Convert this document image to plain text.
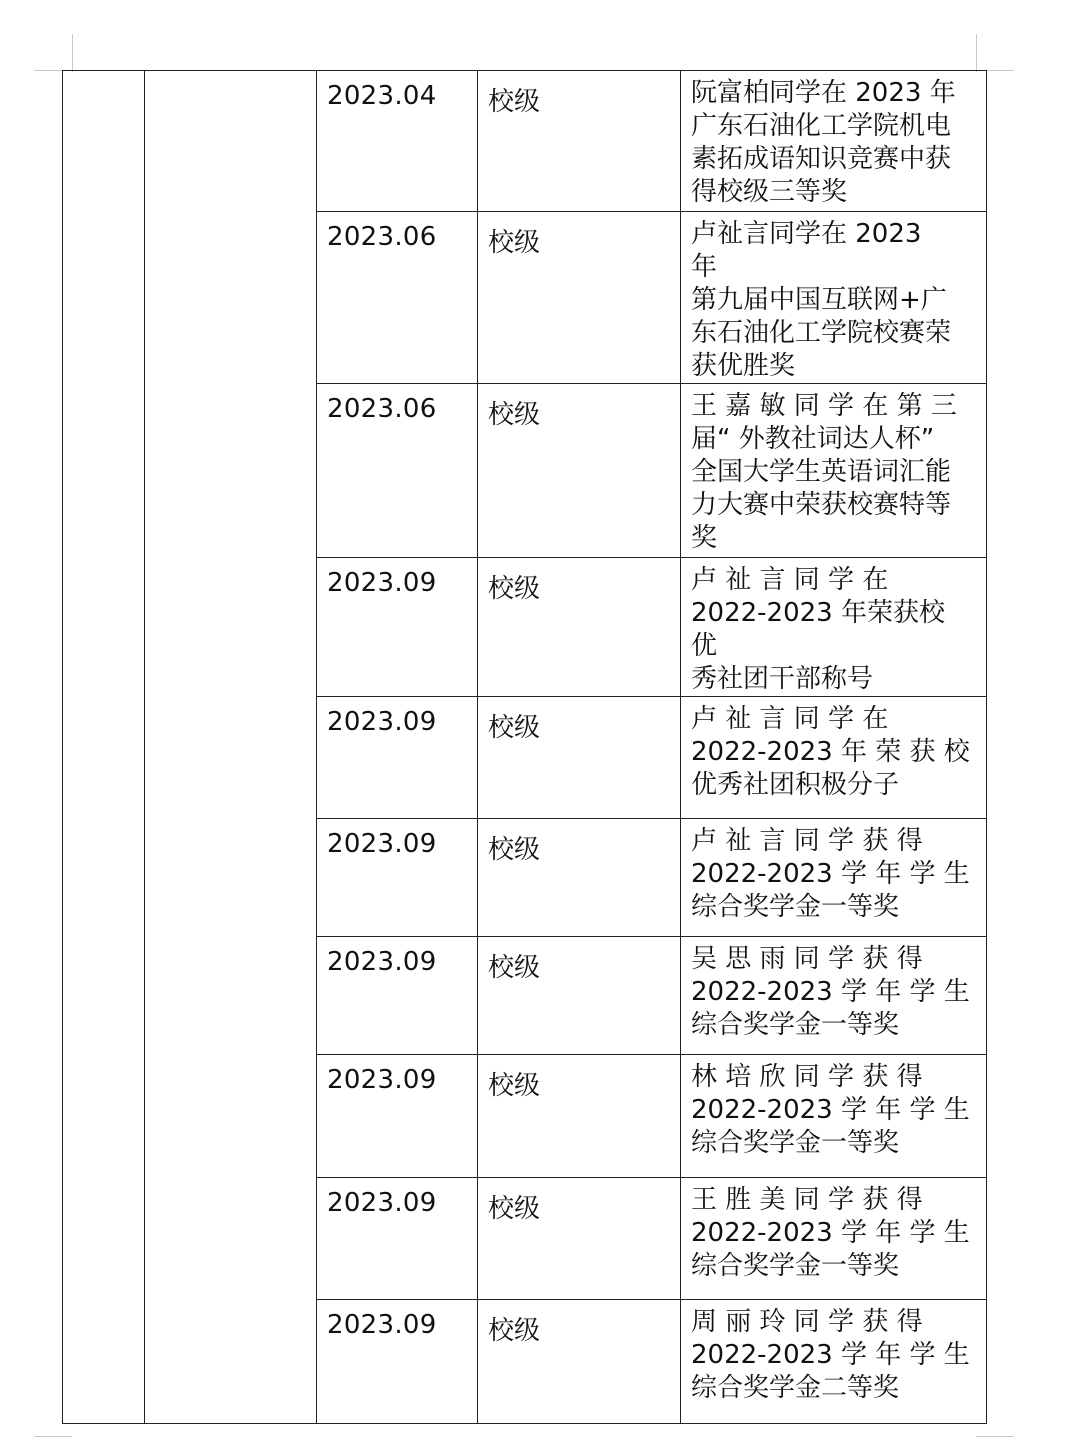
		2023.04	校级	阮富柏同学在 2023 年
广东石油化工学院机电
素拓成语知识竞赛中获
得校级三等奖

		2023.06	校级	卢祉言同学在 2023
年
第九届中国互联网+广
东石油化工学院校赛荣
获优胜奖

		2023.06	校级	王 嘉 敏 同 学 在 第 三
届“ 外教社词达人杯”
全国大学生英语词汇能
力大赛中荣获校赛特等
奖

		2023.09	校级	卢 祉 言 同 学 在
2022-2023 年荣获校
优
秀社团干部称号

		2023.09	校级	卢 祉 言 同 学 在
2022-2023 年 荣 获 校
优秀社团积极分子

		2023.09	校级	卢 祉 言 同 学 获 得
2022-2023 学 年 学 生
综合奖学金一等奖

		2023.09	校级	吴 思 雨 同 学 获 得
2022-2023 学 年 学 生
综合奖学金一等奖

		2023.09	校级	林 培 欣 同 学 获 得
2022-2023 学 年 学 生
综合奖学金一等奖

		2023.09	校级	王 胜 美 同 学 获 得
2022-2023 学 年 学 生
综合奖学金一等奖

		2023.09	校级	周 丽 玲 同 学 获 得
2022-2023 学 年 学 生
综合奖学金二等奖
